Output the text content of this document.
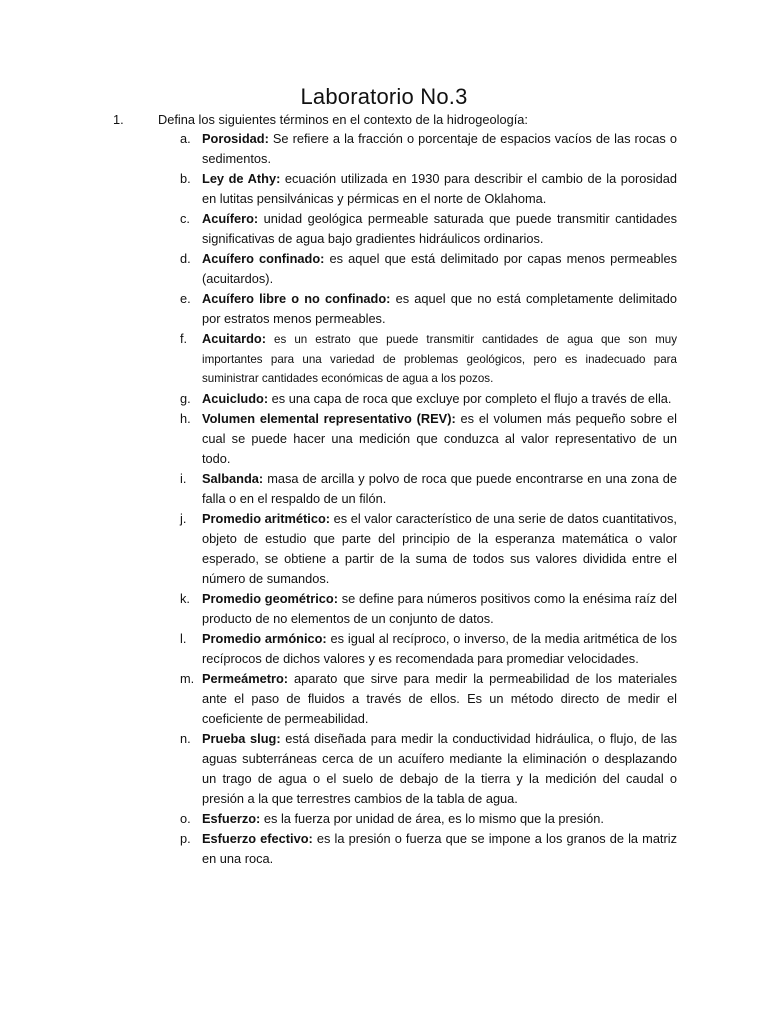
Laboratorio No.3
1.	Defina los siguientes términos en el contexto de la hidrogeología:
a. Porosidad: Se refiere a la fracción o porcentaje de espacios vacíos de las rocas o sedimentos.
b. Ley de Athy: ecuación utilizada en 1930 para describir el cambio de la porosidad en lutitas pensilvánicas y pérmicas en el norte de Oklahoma.
c. Acuífero: unidad geológica permeable saturada que puede transmitir cantidades significativas de agua bajo gradientes hidráulicos ordinarios.
d. Acuífero confinado: es aquel que está delimitado por capas menos permeables (acuitardos).
e. Acuífero libre o no confinado: es aquel que no está completamente delimitado por estratos menos permeables.
f. Acuitardo: es un estrato que puede transmitir cantidades de agua que son muy importantes para una variedad de problemas geológicos, pero es inadecuado para suministrar cantidades económicas de agua a los pozos.
g. Acuicludo: es una capa de roca que excluye por completo el flujo a través de ella.
h. Volumen elemental representativo (REV): es el volumen más pequeño sobre el cual se puede hacer una medición que conduzca al valor representativo de un todo.
i. Salbanda: masa de arcilla y polvo de roca que puede encontrarse en una zona de falla o en el respaldo de un filón.
j. Promedio aritmético: es el valor característico de una serie de datos cuantitativos, objeto de estudio que parte del principio de la esperanza matemática o valor esperado, se obtiene a partir de la suma de todos sus valores dividida entre el número de sumandos.
k. Promedio geométrico: se define para números positivos como la enésima raíz del producto de no elementos de un conjunto de datos.
l. Promedio armónico: es igual al recíproco, o inverso, de la media aritmética de los recíprocos de dichos valores y es recomendada para promediar velocidades.
m. Permeámetro: aparato que sirve para medir la permeabilidad de los materiales ante el paso de fluidos a través de ellos. Es un método directo de medir el coeficiente de permeabilidad.
n. Prueba slug: está diseñada para medir la conductividad hidráulica, o flujo, de las aguas subterráneas cerca de un acuífero mediante la eliminación o desplazando un trago de agua o el suelo de debajo de la tierra y la medición del caudal o presión a la que terrestres cambios de la tabla de agua.
o. Esfuerzo: es la fuerza por unidad de área, es lo mismo que la presión.
p. Esfuerzo efectivo: es la presión o fuerza que se impone a los granos de la matriz en una roca.
